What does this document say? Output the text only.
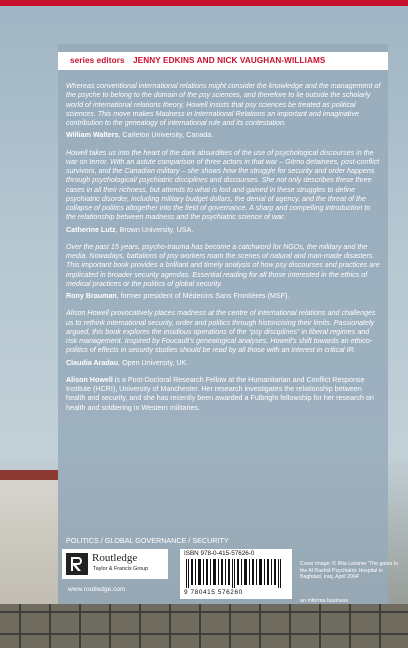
series editors JENNY EDKINS AND NICK VAUGHAN-WILLIAMS

Whereas conventional international relations might consider the knowledge and the management of the psyche to belong to the domain of the psy sciences, and therefore to lie outside the scholarly world of international relations theory, Howell insists that psy sciences be treated as political sciences. This move makes Madness in International Relations an important and imaginative contribution to the genealogy of international rule and its contestation.

William Walters, Carleton University, Canada.

Howell takes us into the heart of the dark absurdities of the use of psychological discourses in the war on terror. With an astute comparison of three actors in that war – Gitmo detainees, post-conflict survivors, and the Canadian military – she shows how the struggle for security and order happens through psychological/ psychiatric disciplines and discourses. She not only describes these three cases in all their richness, but attends to what is lost and gained in these struggles to define psychiatric disorder, including military budget dollars, the denial of agency, and the threat of the collapse of politics altogether into the field of governance. A sharp and compelling introduction to the relationship between madness and the psychiatric science of war.

Catherine Lutz, Brown University, USA.

Over the past 15 years, psycho-trauma has become a catchword for NGOs, the military and the media. Nowadays, battalions of psy workers roam the scenes of natural and man-made disasters. This important book provides a brilliant and timely analysis of how psy discourses and practices are implicated in broader security agendas. Essential reading for all those interested in the ethics of medical practices or the politics of global security.

Rony Brauman, former president of Médecins Sans Frontières (MSF).

Alison Howell provocatively places madness at the centre of international relations and challenges us to rethink international security, order and politics through historicising their limits. Passionately argued, this book explores the insidious operations of the “psy disciplines” in liberal regimes and risk management. Inspired by Foucault’s genealogical analyses, Howell’s shift towards an ethico-politics of effects in security studies should be read by all those with an interest in critical IR.

Claudia Aradau, Open University, UK.

Alison Howell is a Post-Doctoral Research Fellow at the Humanitarian and Conflict Response Institute (HCRI), University of Manchester. Her research investigates the relationship between health and security, and she has recently been awarded a Fulbright fellowship for her research on health and soldiering in Western militaries.

POLITICS / GLOBAL GOVERNANCE / SECURITY
Routledge
Taylor & Francis Group
www.routledge.com
ISBN 978-0-415-57626-0
9 780415 576260
Cover image: © Rita Leistner 'The gates to the Al Rashid Psychiatric Hospital in Baghdad, Iraq, April 2004'
an informa business
